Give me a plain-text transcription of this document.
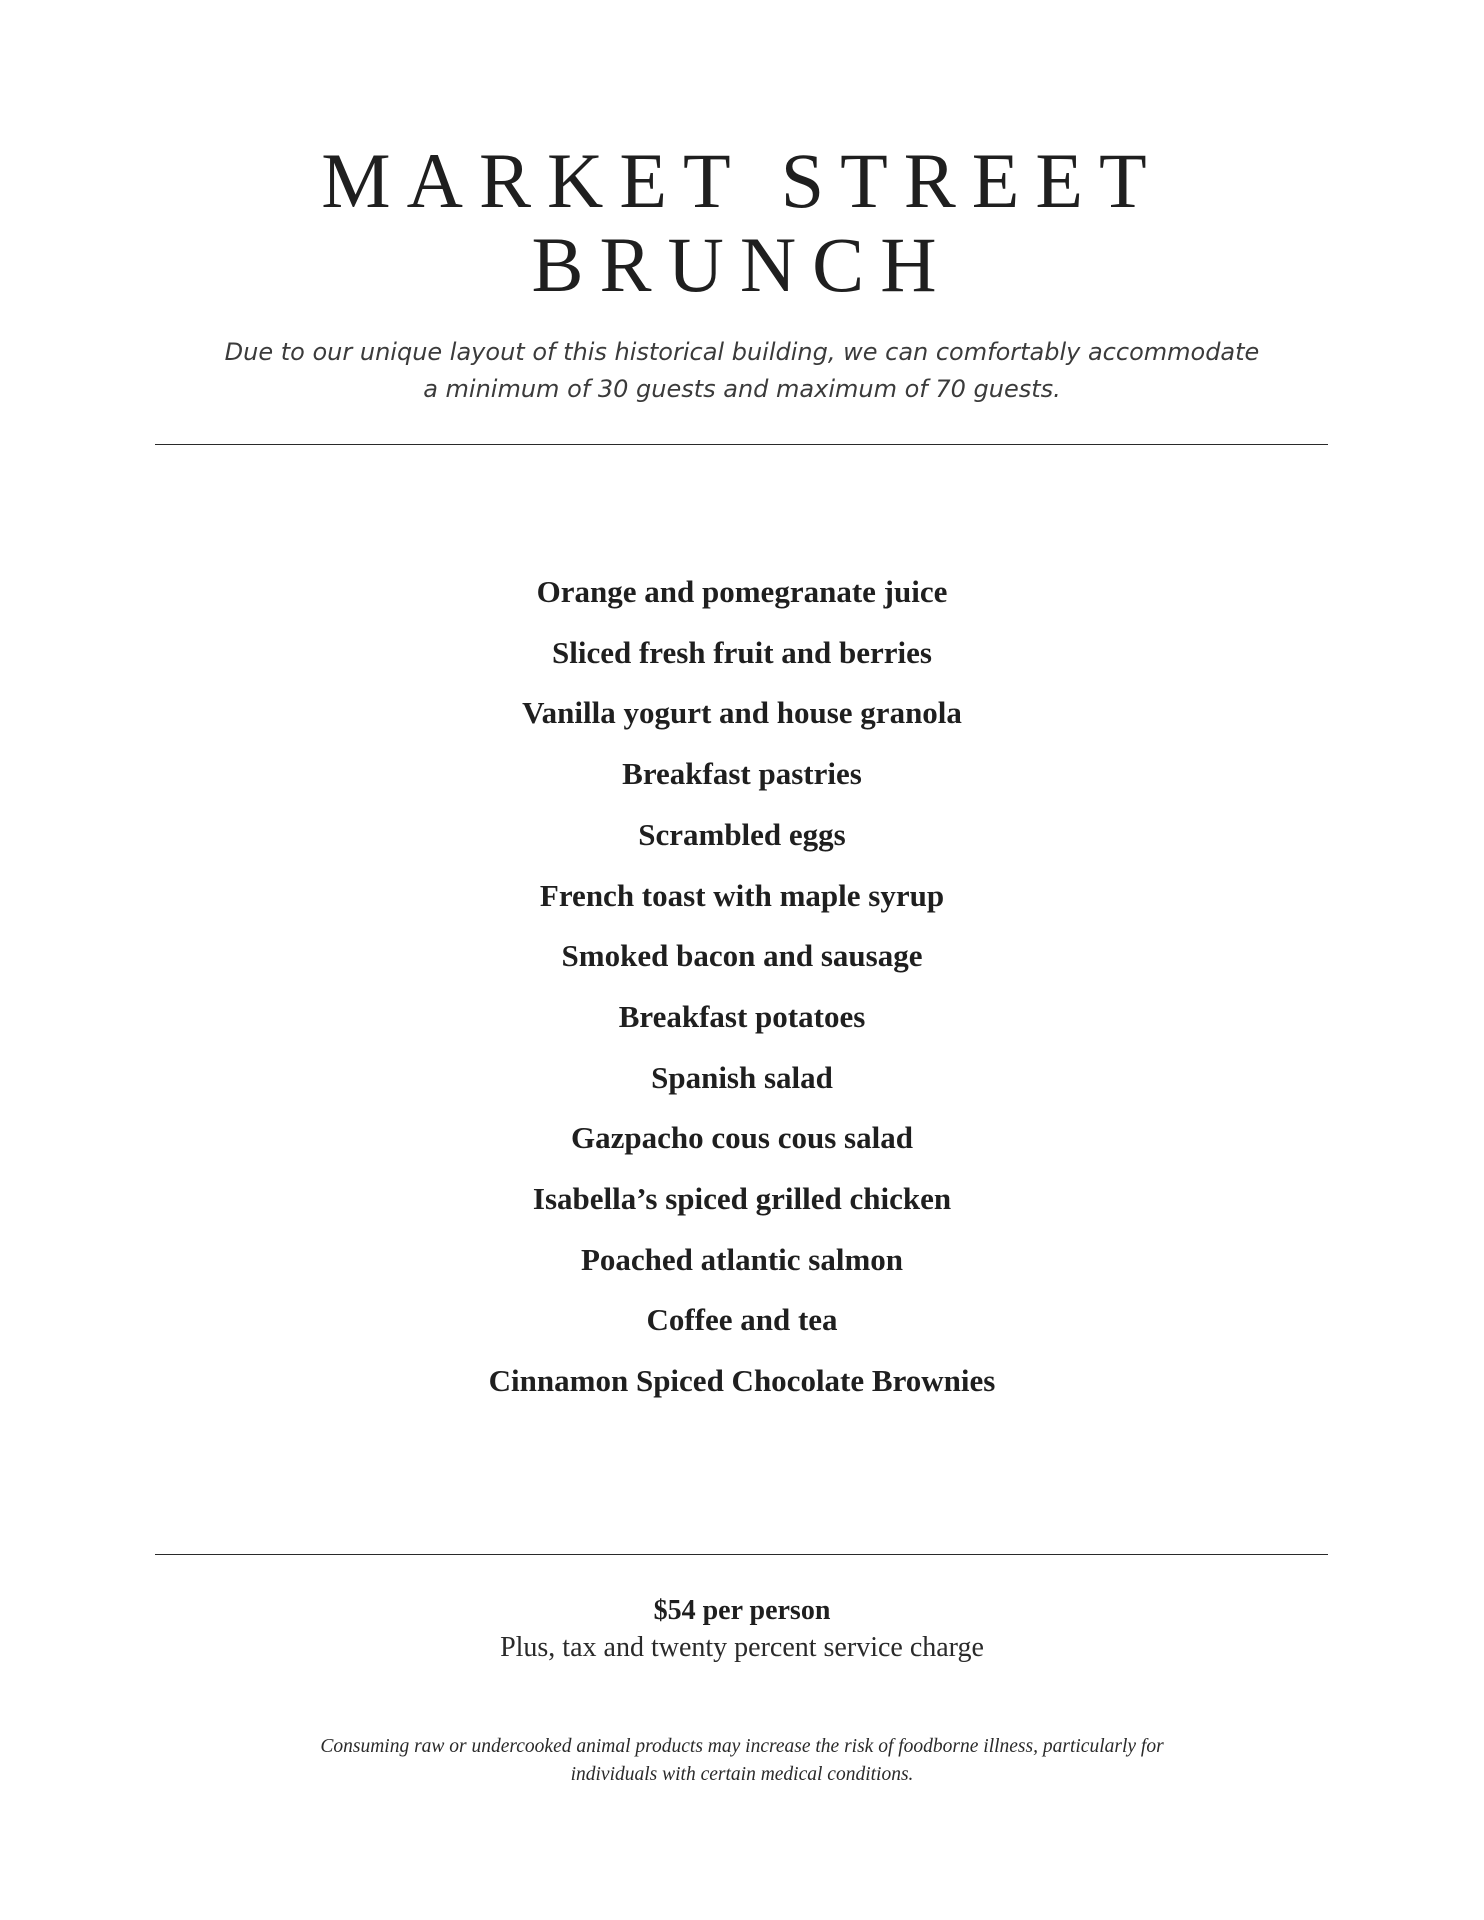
MARKET STREET
BRUNCH
Due to our unique layout of this historical building, we can comfortably accommodate
a minimum of 30 guests and maximum of 70 guests.
Orange and pomegranate juice
Sliced fresh fruit and berries
Vanilla yogurt and house granola
Breakfast pastries
Scrambled eggs
French toast with maple syrup
Smoked bacon and sausage
Breakfast potatoes
Spanish salad
Gazpacho cous cous salad
Isabella’s spiced grilled chicken
Poached atlantic salmon
Coffee and tea
Cinnamon Spiced Chocolate Brownies
$54 per person
Plus, tax and twenty percent service charge
Consuming raw or undercooked animal products may increase the risk of foodborne illness, particularly for
individuals with certain medical conditions.
